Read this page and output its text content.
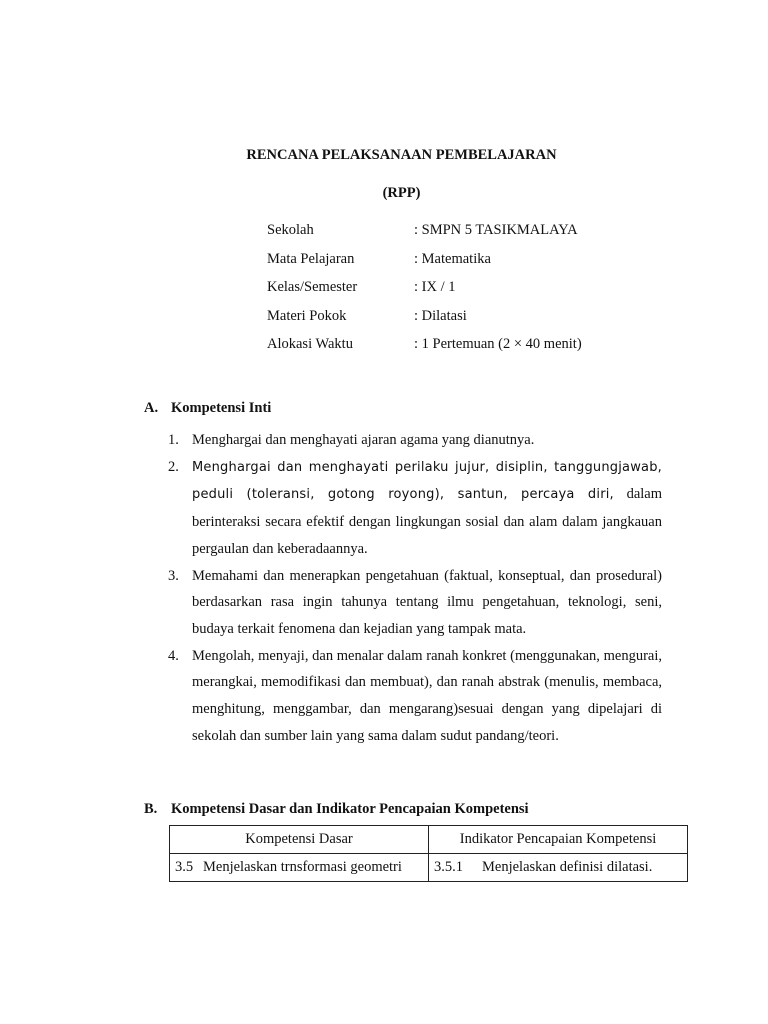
RENCANA PELAKSANAAN PEMBELAJARAN
(RPP)
Sekolah	: SMPN 5 TASIKMALAYA
Mata Pelajaran	: Matematika
Kelas/Semester	: IX / 1
Materi Pokok	: Dilatasi
Alokasi Waktu	: 1 Pertemuan (2 × 40 menit)
A. Kompetensi Inti
1. Menghargai dan menghayati ajaran agama yang dianutnya.
2. Menghargai dan menghayati perilaku jujur, disiplin, tanggungjawab, peduli (toleransi, gotong royong), santun, percaya diri, dalam berinteraksi secara efektif dengan lingkungan sosial dan alam dalam jangkauan pergaulan dan keberadaannya.
3. Memahami dan menerapkan pengetahuan (faktual, konseptual, dan prosedural) berdasarkan rasa ingin tahunya tentang ilmu pengetahuan, teknologi, seni, budaya terkait fenomena dan kejadian yang tampak mata.
4. Mengolah, menyaji, dan menalar dalam ranah konkret (menggunakan, mengurai, merangkai, memodifikasi dan membuat), dan ranah abstrak (menulis, membaca, menghitung, menggambar, dan mengarang)sesuai dengan yang dipelajari di sekolah dan sumber lain yang sama dalam sudut pandang/teori.
B. Kompetensi Dasar dan Indikator Pencapaian Kompetensi
Kompetensi Dasar	Indikator Pencapaian Kompetensi
3.5 Menjelaskan trnsformasi geometri	3.5.1 Menjelaskan definisi dilatasi.
